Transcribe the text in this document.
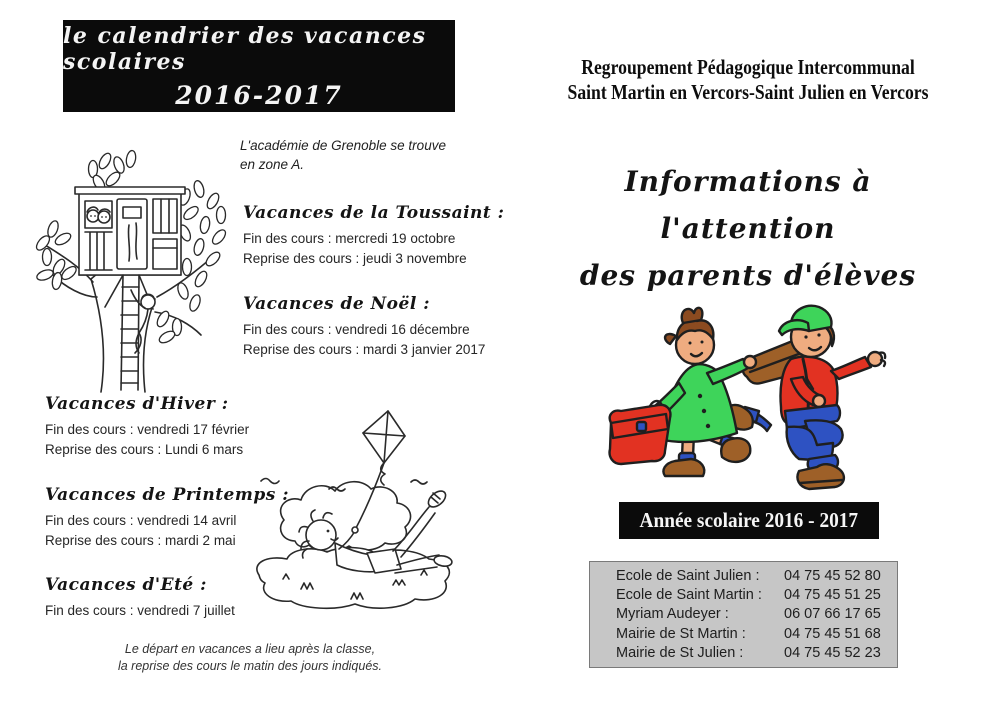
le calendrier des vacances scolaires
2016-2017
L'académie de Grenoble se trouve en zone A.
Vacances de la Toussaint :
Fin des cours : mercredi 19 octobre
Reprise des cours : jeudi 3 novembre
Vacances de Noël :
Fin des cours : vendredi 16 décembre
Reprise des cours : mardi 3 janvier 2017
Vacances d'Hiver :
Fin des cours : vendredi 17 février
Reprise des cours : Lundi 6 mars
Vacances de Printemps :
Fin des cours : vendredi 14 avril
Reprise des cours : mardi 2 mai
Vacances d'Eté :
Fin des cours : vendredi 7 juillet
Le départ en vacances a lieu après la classe,
la reprise des cours le matin des jours indiqués.
Regroupement Pédagogique Intercommunal
Saint Martin en Vercors-Saint Julien en Vercors
Informations à l'attention
des parents d'élèves
Année scolaire 2016 - 2017
Ecole de Saint Julien :	04 75 45 52 80
Ecole de Saint Martin :	04 75 45 51 25
Myriam Audeyer :	06 07 66 17 65
Mairie de St Martin :	04 75 45 51 68
Mairie de St Julien :	04 75 45 52 23
